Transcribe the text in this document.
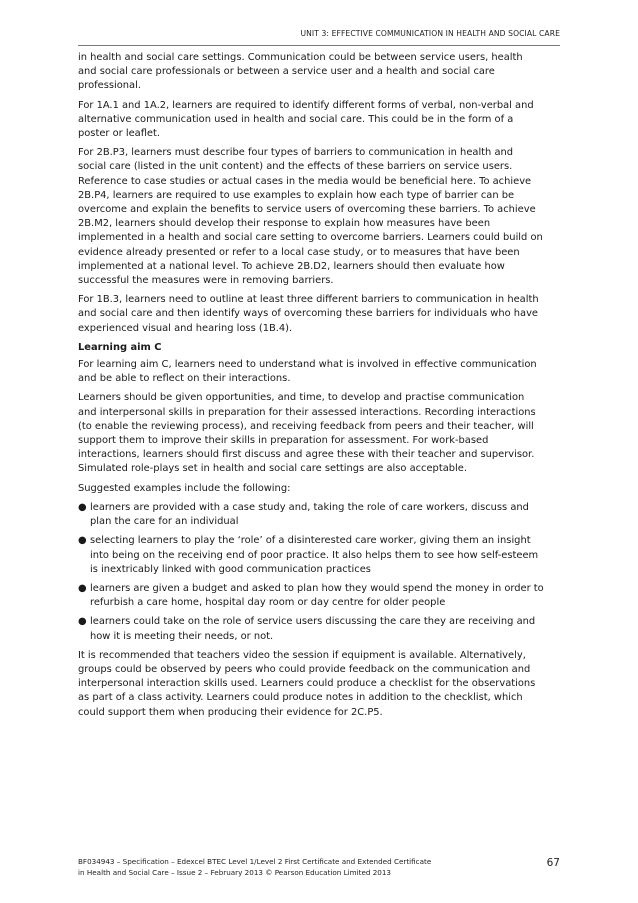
UNIT 3: EFFECTIVE COMMUNICATION IN HEALTH AND SOCIAL CARE

in health and social care settings. Communication could be between service users, health and social care professionals or between a service user and a health and social care professional.

For 1A.1 and 1A.2, learners are required to identify different forms of verbal, non-verbal and alternative communication used in health and social care. This could be in the form of a poster or leaflet.

For 2B.P3, learners must describe four types of barriers to communication in health and social care (listed in the unit content) and the effects of these barriers on service users. Reference to case studies or actual cases in the media would be beneficial here. To achieve 2B.P4, learners are required to use examples to explain how each type of barrier can be overcome and explain the benefits to service users of overcoming these barriers. To achieve 2B.M2, learners should develop their response to explain how measures have been implemented in a health and social care setting to overcome barriers. Learners could build on evidence already presented or refer to a local case study, or to measures that have been implemented at a national level. To achieve 2B.D2, learners should then evaluate how successful the measures were in removing barriers.

For 1B.3, learners need to outline at least three different barriers to communication in health and social care and then identify ways of overcoming these barriers for individuals who have experienced visual and hearing loss (1B.4).

Learning aim C

For learning aim C, learners need to understand what is involved in effective communication and be able to reflect on their interactions.

Learners should be given opportunities, and time, to develop and practise communication and interpersonal skills in preparation for their assessed interactions. Recording interactions (to enable the reviewing process), and receiving feedback from peers and their teacher, will support them to improve their skills in preparation for assessment. For work-based interactions, learners should first discuss and agree these with their teacher and supervisor. Simulated role-plays set in health and social care settings are also acceptable.

Suggested examples include the following:

● learners are provided with a case study and, taking the role of care workers, discuss and plan the care for an individual
● selecting learners to play the ‘role’ of a disinterested care worker, giving them an insight into being on the receiving end of poor practice. It also helps them to see how self-esteem is inextricably linked with good communication practices
● learners are given a budget and asked to plan how they would spend the money in order to refurbish a care home, hospital day room or day centre for older people
● learners could take on the role of service users discussing the care they are receiving and how it is meeting their needs, or not.

It is recommended that teachers video the session if equipment is available. Alternatively, groups could be observed by peers who could provide feedback on the communication and interpersonal interaction skills used. Learners could produce a checklist for the observations as part of a class activity. Learners could produce notes in addition to the checklist, which could support them when producing their evidence for 2C.P5.

BF034943 – Specification – Edexcel BTEC Level 1/Level 2 First Certificate and Extended Certificate
in Health and Social Care – Issue 2 – February 2013 © Pearson Education Limited 2013
67
